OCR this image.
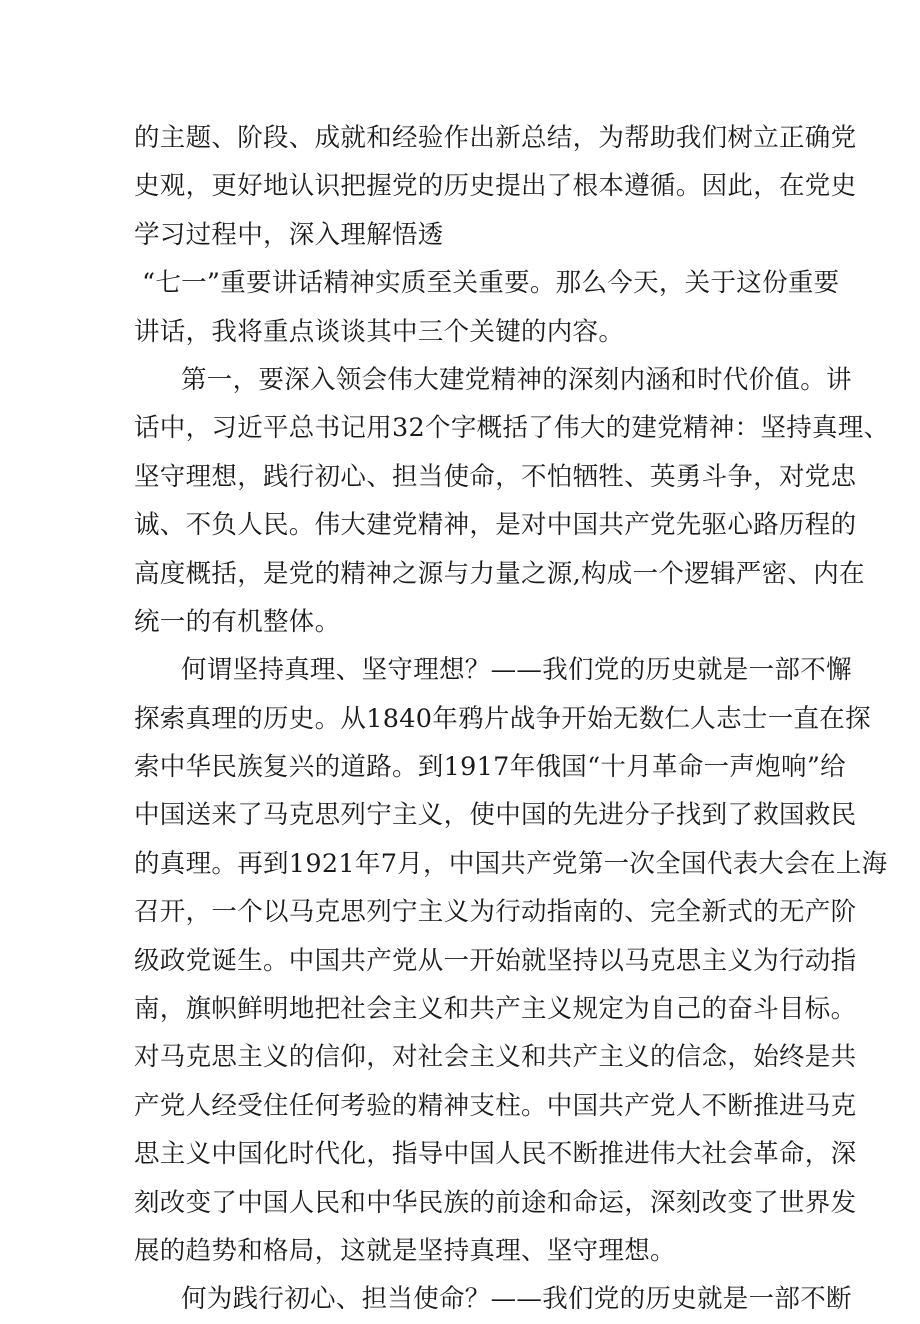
的主题、阶段、成就和经验作出新总结，为帮助我们树立正确党
史观，更好地认识把握党的历史提出了根本遵循。因此，在党史
学习过程中，深入理解悟透
“七一”重要讲话精神实质至关重要。那么今天，关于这份重要
讲话，我将重点谈谈其中三个关键的内容。
第一，要深入领会伟大建党精神的深刻内涵和时代价值。讲
话中，习近平总书记用32个字概括了伟大的建党精神：坚持真理、
坚守理想，践行初心、担当使命，不怕牺牲、英勇斗争，对党忠
诚、不负人民。伟大建党精神，是对中国共产党先驱心路历程的
高度概括，是党的精神之源与力量之源,构成一个逻辑严密、内在
统一的有机整体。
何谓坚持真理、坚守理想？——我们党的历史就是一部不懈
探索真理的历史。从1840年鸦片战争开始无数仁人志士一直在探
索中华民族复兴的道路。到1917年俄国“十月革命一声炮响”给
中国送来了马克思列宁主义，使中国的先进分子找到了救国救民
的真理。再到1921年7月，中国共产党第一次全国代表大会在上海
召开，一个以马克思列宁主义为行动指南的、完全新式的无产阶
级政党诞生。中国共产党从一开始就坚持以马克思主义为行动指
南，旗帜鲜明地把社会主义和共产主义规定为自己的奋斗目标。
对马克思主义的信仰，对社会主义和共产主义的信念，始终是共
产党人经受住任何考验的精神支柱。中国共产党人不断推进马克
思主义中国化时代化，指导中国人民不断推进伟大社会革命，深
刻改变了中国人民和中华民族的前途和命运，深刻改变了世界发
展的趋势和格局，这就是坚持真理、坚守理想。
何为践行初心、担当使命？——我们党的历史就是一部不断
